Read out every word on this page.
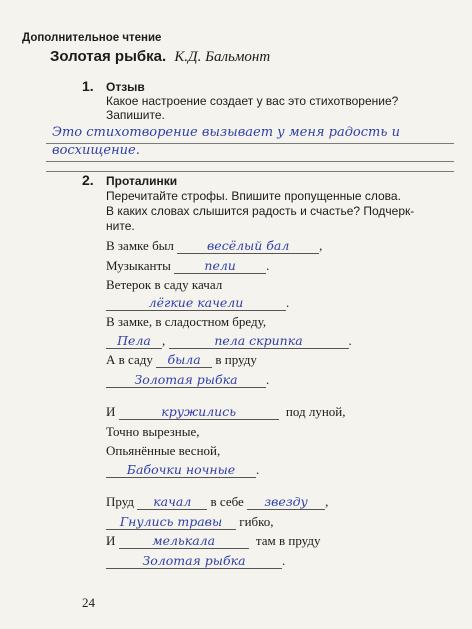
Дополнительное чтение
Золотая рыбка. К.Д. Бальмонт
1. Отзыв
Какое настроение создает у вас это стихотворение?
Запишите.
Это стихотворение вызывает у меня радость и
восхищение.
2. Проталинки
Перечитайте строфы. Впишите пропущенные слова.
В каких словах слышится радость и счастье? Подчерк-
ните.
В замке был	весёлый бал ,
Музыканты	пели .
Ветерок в саду качал
лёгкие качели	.
В замке, в сладостном бреду,
Пела ,	пела скрипка	.
А в саду была в пруду
Золотая рыбка .
И	кружились	под луной,
Точно вырезные,
Опьянённые весной,
Бабочки ночные .
Пруд качал в себе звезду ,
Гнулись травы гибко,
И	мелькала	там в пруду
Золотая рыбка	.
24
